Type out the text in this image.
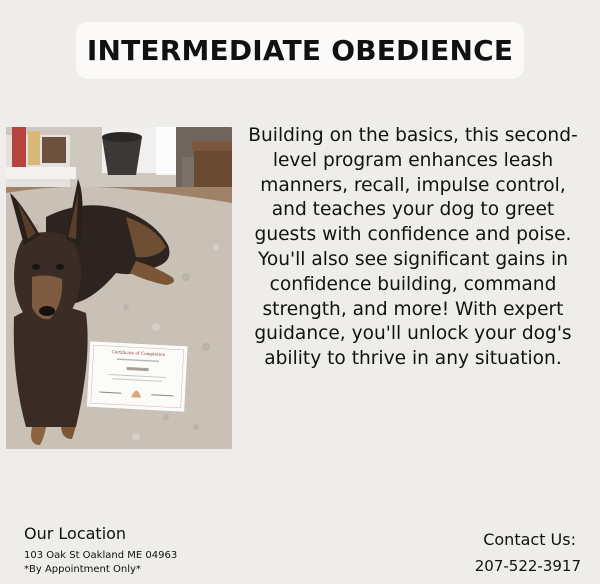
INTERMEDIATE OBEDIENCE
Certificate of Completion

Building on the basics, this second-level program enhances leash manners, recall, impulse control, and teaches your dog to greet guests with confidence and poise.

You'll also see significant gains in confidence building, command strength, and more! With expert guidance, you'll unlock your dog's ability to thrive in any situation.

Our Location
103 Oak St Oakland ME 04963
*By Appointment Only*
Contact Us:
207-522-3917
